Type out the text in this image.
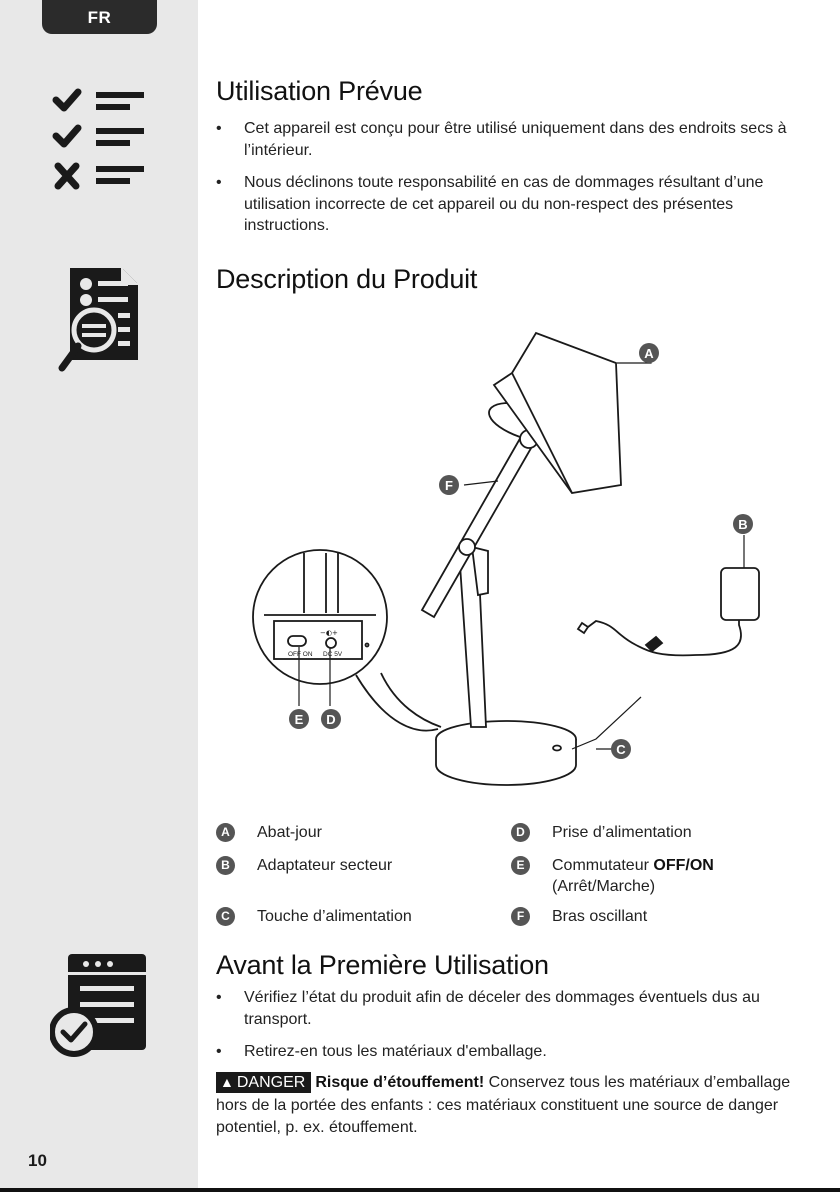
FR
10
Utilisation Prévue
• Cet appareil est conçu pour être utilisé uniquement dans des endroits secs à l’intérieur.
• Nous déclinons toute responsabilité en cas de dommages résultant d’une utilisation incorrecte de cet appareil ou du non-respect des présentes instructions.
Description du Produit
OFF ON DC 5V
−◐+
A
B
C
D
E
F
A	Abat-jour
B	Adaptateur secteur
C	Touche d’alimentation
D	Prise d’alimentation
E	Commutateur OFF/ON
(Arrêt/Marche)
F	Bras oscillant
Avant la Première Utilisation
• Vérifiez l’état du produit afin de déceler des dommages éventuels dus au transport.
• Retirez-en tous les matériaux d'emballage.
▲ DANGER Risque d’étouffement! Conservez tous les matériaux d’emballage hors de la portée des enfants : ces matériaux constituent une source de danger potentiel, p. ex. étouffement.
